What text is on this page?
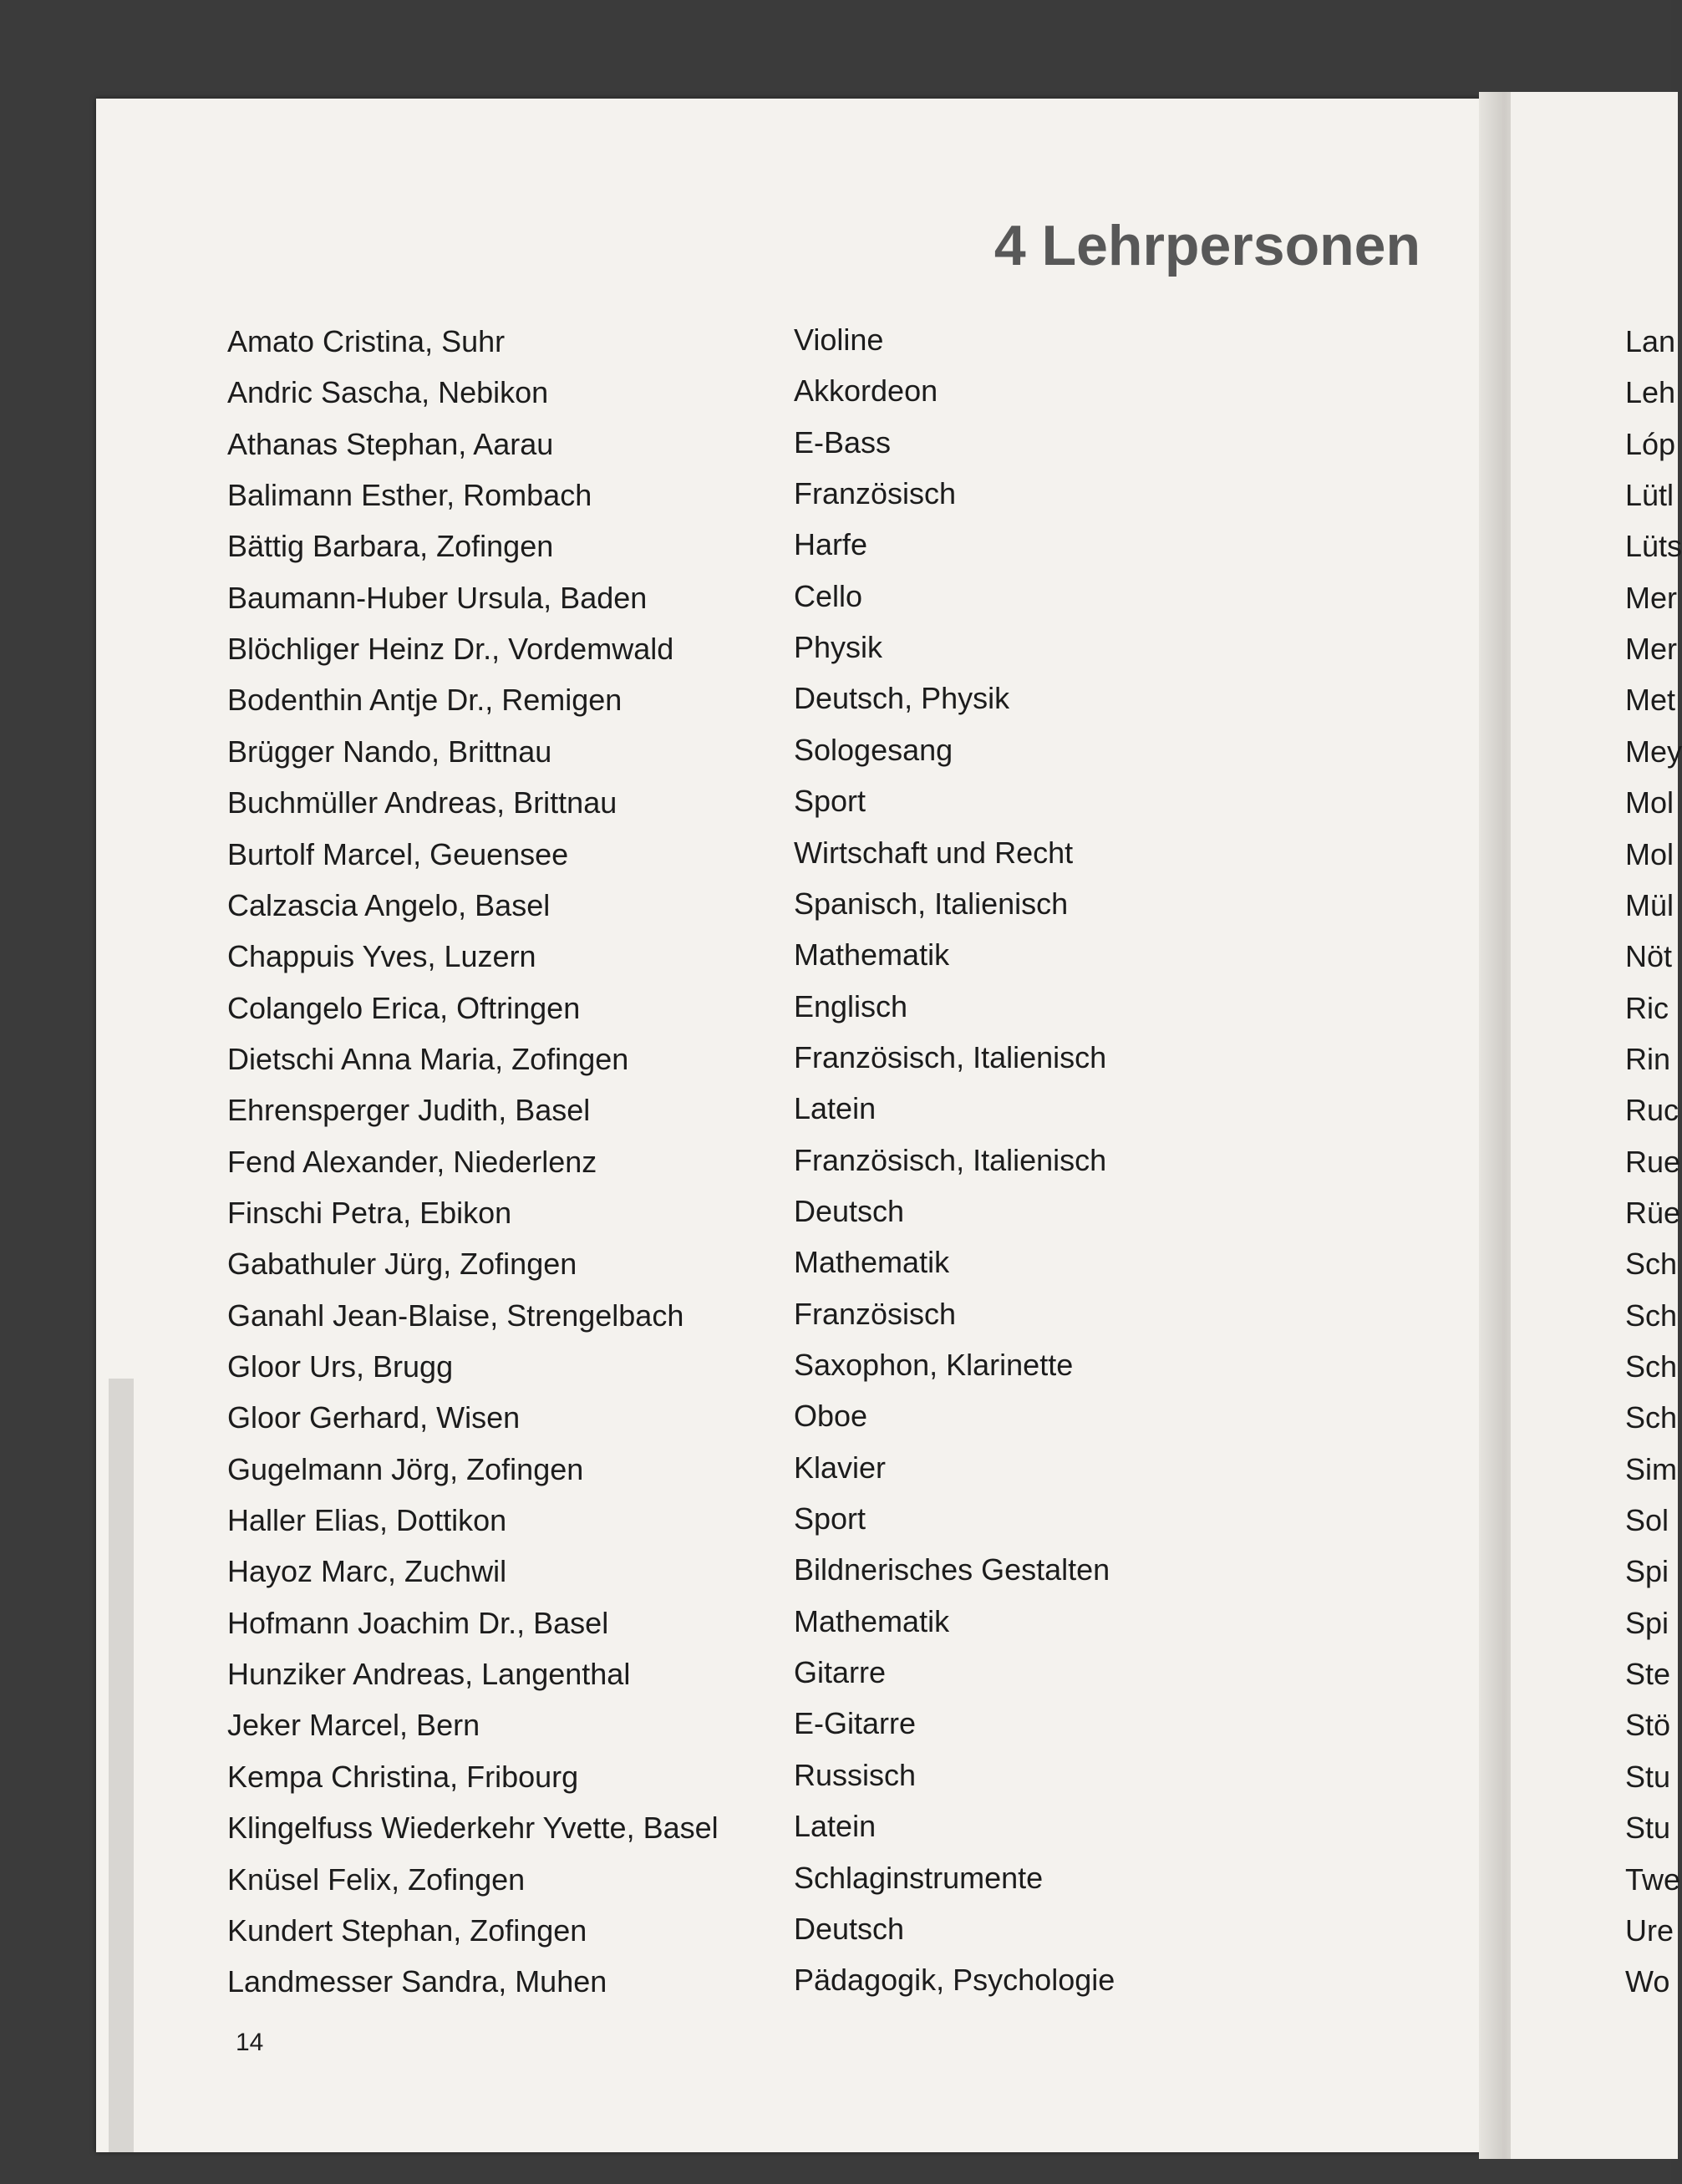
4 Lehrpersonen
Amato Cristina, Suhr	Violine
Andric Sascha, Nebikon	Akkordeon
Athanas Stephan, Aarau	E-Bass
Balimann Esther, Rombach	Französisch
Bättig Barbara, Zofingen	Harfe
Baumann-Huber Ursula, Baden	Cello
Blöchliger Heinz Dr., Vordemwald	Physik
Bodenthin Antje Dr., Remigen	Deutsch, Physik
Brügger Nando, Brittnau	Sologesang
Buchmüller Andreas, Brittnau	Sport
Burtolf Marcel, Geuensee	Wirtschaft und Recht
Calzascia Angelo, Basel	Spanisch, Italienisch
Chappuis Yves, Luzern	Mathematik
Colangelo Erica, Oftringen	Englisch
Dietschi Anna Maria, Zofingen	Französisch, Italienisch
Ehrensperger Judith, Basel	Latein
Fend Alexander, Niederlenz	Französisch, Italienisch
Finschi Petra, Ebikon	Deutsch
Gabathuler Jürg, Zofingen	Mathematik
Ganahl Jean-Blaise, Strengelbach	Französisch
Gloor Urs, Brugg	Saxophon, Klarinette
Gloor Gerhard, Wisen	Oboe
Gugelmann Jörg, Zofingen	Klavier
Haller Elias, Dottikon	Sport
Hayoz Marc, Zuchwil	Bildnerisches Gestalten
Hofmann Joachim Dr., Basel	Mathematik
Hunziker Andreas, Langenthal	Gitarre
Jeker Marcel, Bern	E-Gitarre
Kempa Christina, Fribourg	Russisch
Klingelfuss Wiederkehr Yvette, Basel	Latein
Knüsel Felix, Zofingen	Schlaginstrumente
Kundert Stephan, Zofingen	Deutsch
Landmesser Sandra, Muhen	Pädagogik, Psychologie
Lan
Leh
Lóp
Lütl
Lüts
Mer
Mer
Met
Mey
Mol
Mol
Mül
Nöt
Ric
Rin
Ruc
Rue
Rüe
Sch
Sch
Sch
Sch
Sim
Sol
Spi
Spi
Ste
Stö
Stu
Stu
Twe
Ure
Wo
14
